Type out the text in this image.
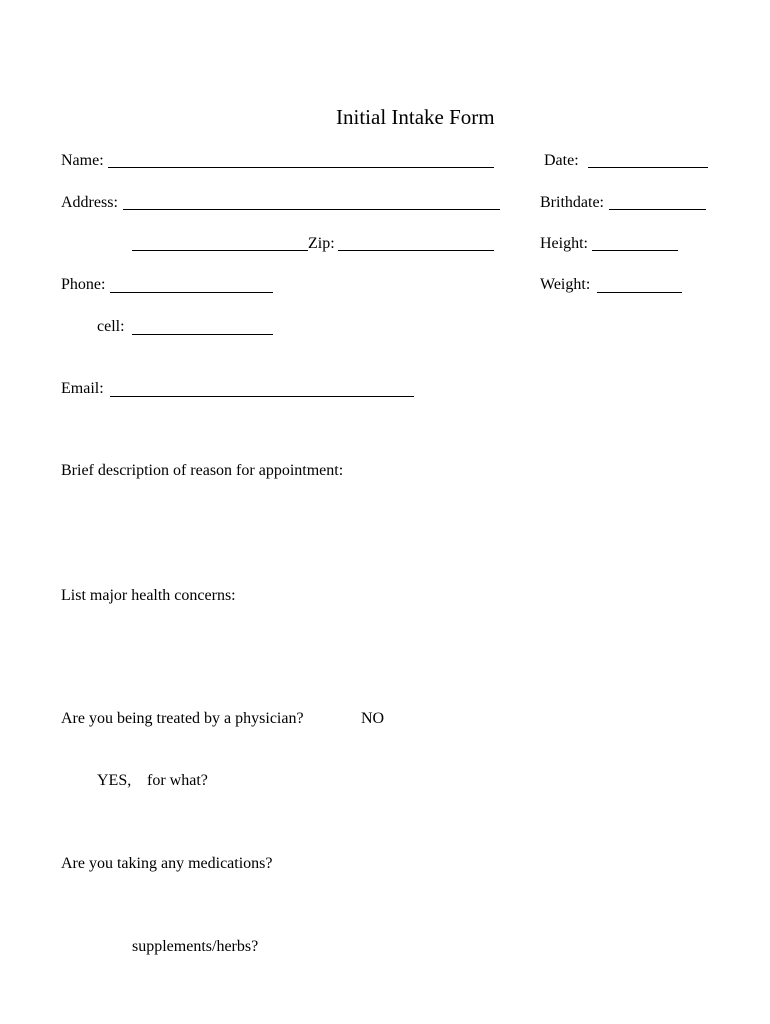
Initial Intake Form
Name:	Date:
Address:	Brithdate:
Zip:	Height:
Phone:	Weight:
cell:
Email:
Brief description of reason for appointment:
List major health concerns:
Are you being treated by a physician?	NO
YES, for what?
Are you taking any medications?
supplements/herbs?
